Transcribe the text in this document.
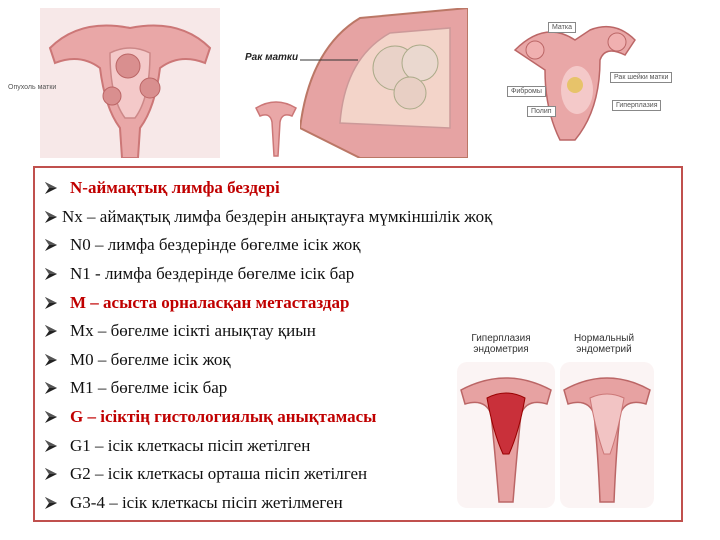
Опухоль матки
Рак матки
Матка
Рак шейки матки
Фибромы
Полип
Гиперплазия
N-аймақтық лимфа бездері
Nx – аймақтық лимфа бездерін анықтауға мүмкіншілік жоқ
N0 – лимфа бездерінде бөгелме ісік жоқ
N1 - лимфа бездерінде бөгелме ісік бар
M – асыста орналасқан метастаздар
Mx – бөгелме ісікті анықтау қиын
M0 – бөгелме ісік жоқ
M1 – бөгелме ісік бар
G – ісіктің гистологиялық анықтамасы
G1 – ісік клеткасы пісіп жетілген
G2 – ісік клеткасы орташа пісіп жетілген
G3-4 – ісік клеткасы пісіп жетілмеген
Гиперплазия эндометрия
Нормальный эндометрий
